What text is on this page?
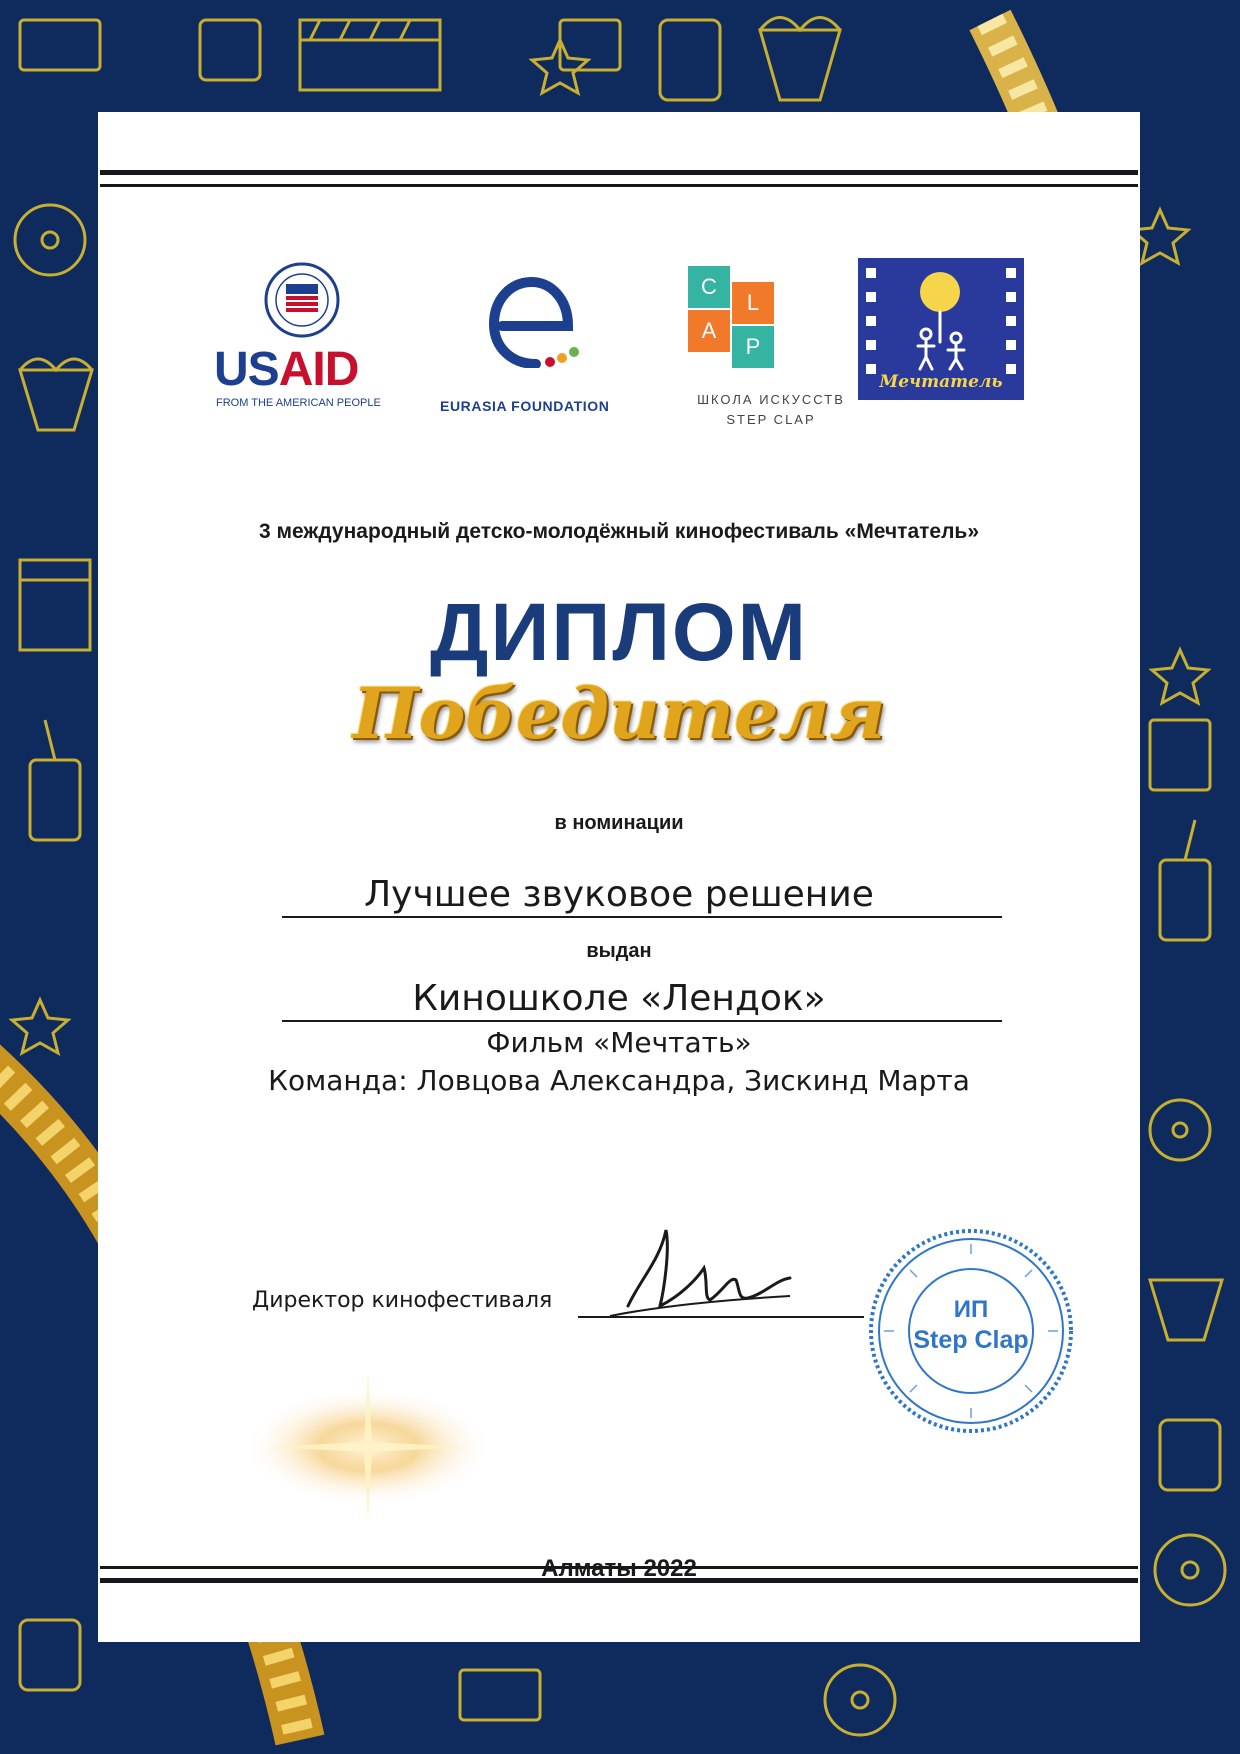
USAID
FROM THE AMERICAN PEOPLE	EURASIA FOUNDATION
C
L
A
P
ШКОЛА ИСКУССТВ
STEP CLAP
Мечтатель
3 международный детско-молодёжный кинофестиваль «Мечтатель»
ДИПЛОМ
Победителя
в номинации
Лучшее звуковое решение
выдан
Киношколе «Лендок»
Фильм «Мечтать»
Команда: Ловцова Александра, Зискинд Марта
Директор кинофестиваля	ИП
Step Clap
Алматы 2022
